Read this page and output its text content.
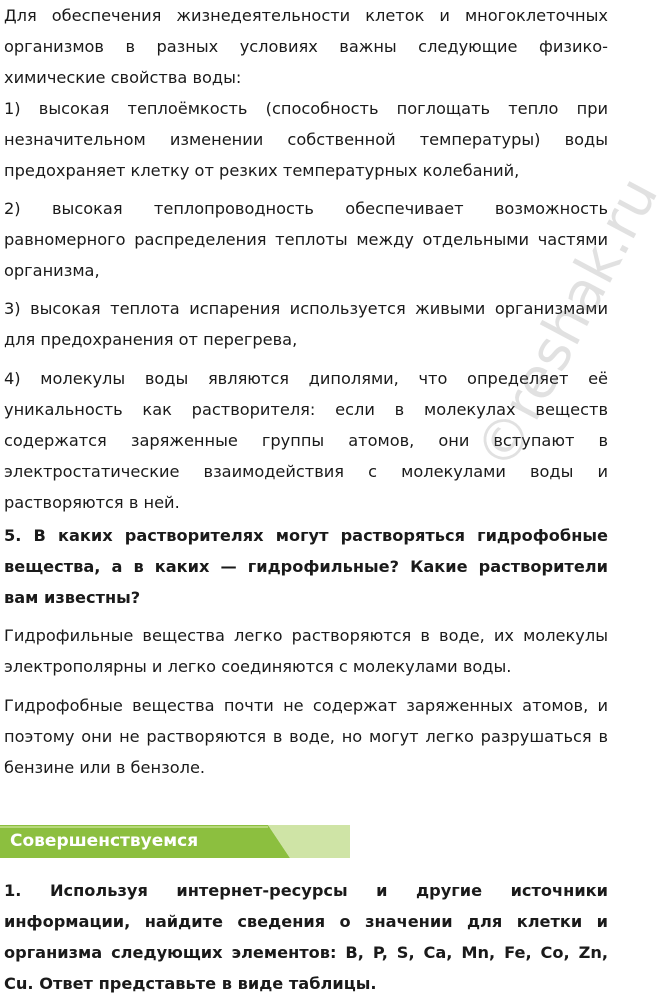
Для обеспечения жизнедеятельности клеток и многоклеточных организмов в разных условиях важны следующие физико-химические свойства воды:

1) высокая теплоёмкость (способность поглощать тепло при незначительном изменении собственной температуры) воды предохраняет клетку от резких температурных колебаний,

2) высокая теплопроводность обеспечивает возможность равномерного распределения теплоты между отдельными частями организма,

3) высокая теплота испарения используется живыми организмами для предохранения от перегрева,

4) молекулы воды являются диполями, что определяет её уникальность как растворителя: если в молекулах веществ содержатся заряженные группы атомов, они вступают в электростатические взаимодействия с молекулами воды и растворяются в ней.

5. В каких растворителях могут растворяться гидрофобные вещества, а в каких — гидрофильные? Какие растворители вам известны?

Гидрофильные вещества легко растворяются в воде, их молекулы электрополярны и легко соединяются с молекулами воды.

Гидрофобные вещества почти не содержат заряженных атомов, и поэтому они не растворяются в воде, но могут легко разрушаться в бензине или в бензоле.

Совершенствуемся

1. Используя интернет-ресурсы и другие источники информации, найдите сведения о значении для клетки и организма следующих элементов: B, P, S, Ca, Mn, Fe, Co, Zn, Cu. Ответ представьте в виде таблицы.

©reshak.ru
